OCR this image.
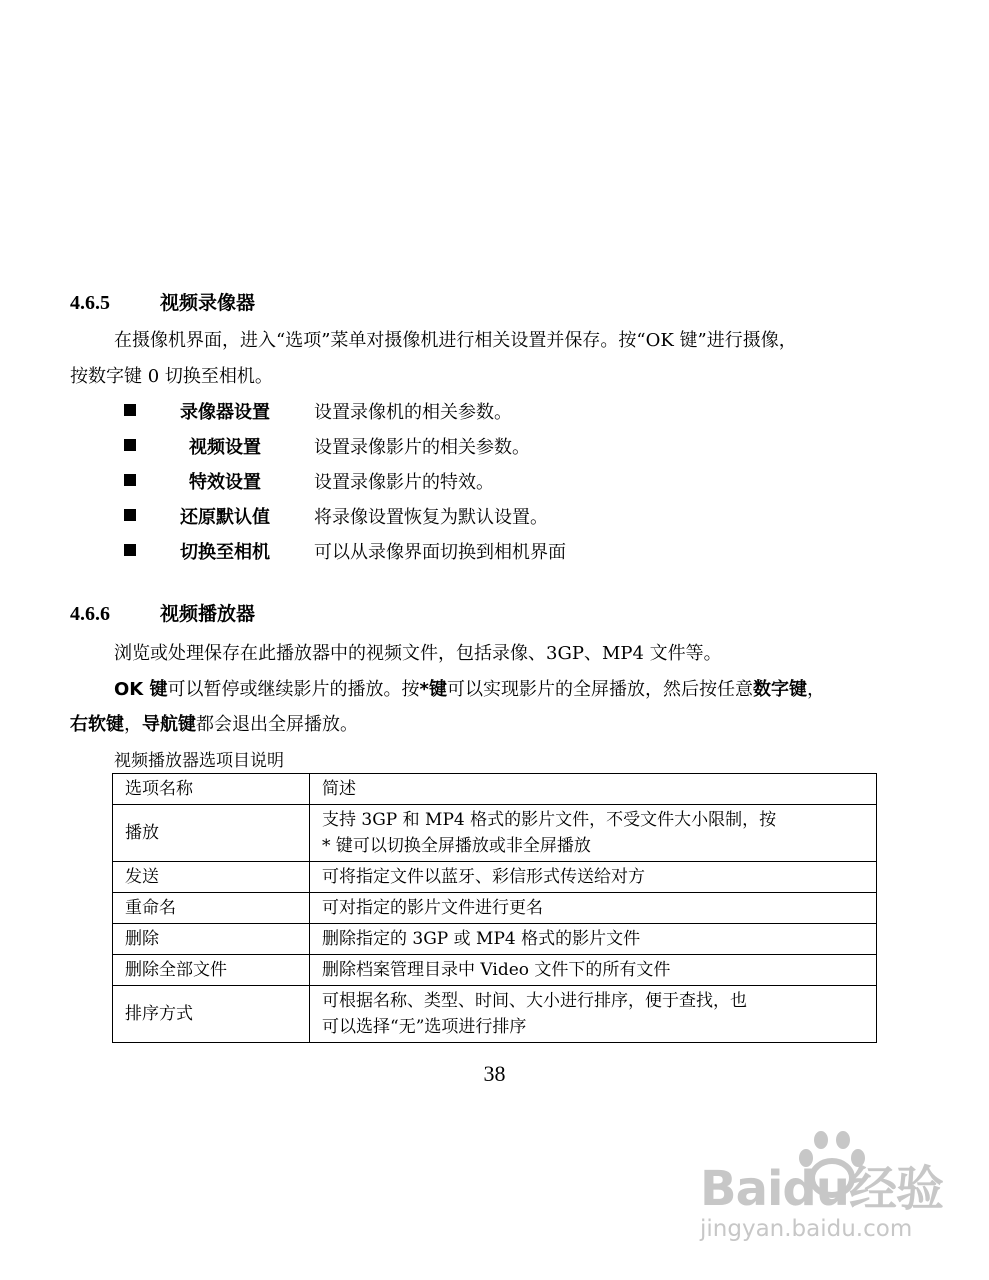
4.6.5	视频录像器
在摄像机界面，进入“选项”菜单对摄像机进行相关设置并保存。按“OK 键”进行摄像，
按数字键 0 切换至相机。
录像器设置	设置录像机的相关参数。
视频设置	设置录像影片的相关参数。
特效设置	设置录像影片的特效。
还原默认值	将录像设置恢复为默认设置。
切换至相机	可以从录像界面切换到相机界面
4.6.6	视频播放器
浏览或处理保存在此播放器中的视频文件，包括录像、3GP、MP4 文件等。
OK 键可以暂停或继续影片的播放。按*键可以实现影片的全屏播放，然后按任意数字键，
右软键，导航键都会退出全屏播放。
视频播放器选项目说明
选项名称	简述
播放	支持 3GP 和 MP4 格式的影片文件，不受文件大小限制，按
* 键可以切换全屏播放或非全屏播放

发送	可将指定文件以蓝牙、彩信形式传送给对方
重命名	可对指定的影片文件进行更名
删除	删除指定的 3GP 或 MP4 格式的影片文件
删除全部文件	删除档案管理目录中 Video 文件下的所有文件
排序方式	可根据名称、类型、时间、大小进行排序，便于查找，也
可以选择“无”选项进行排序
38
Baidu经验
jingyan.baidu.com
